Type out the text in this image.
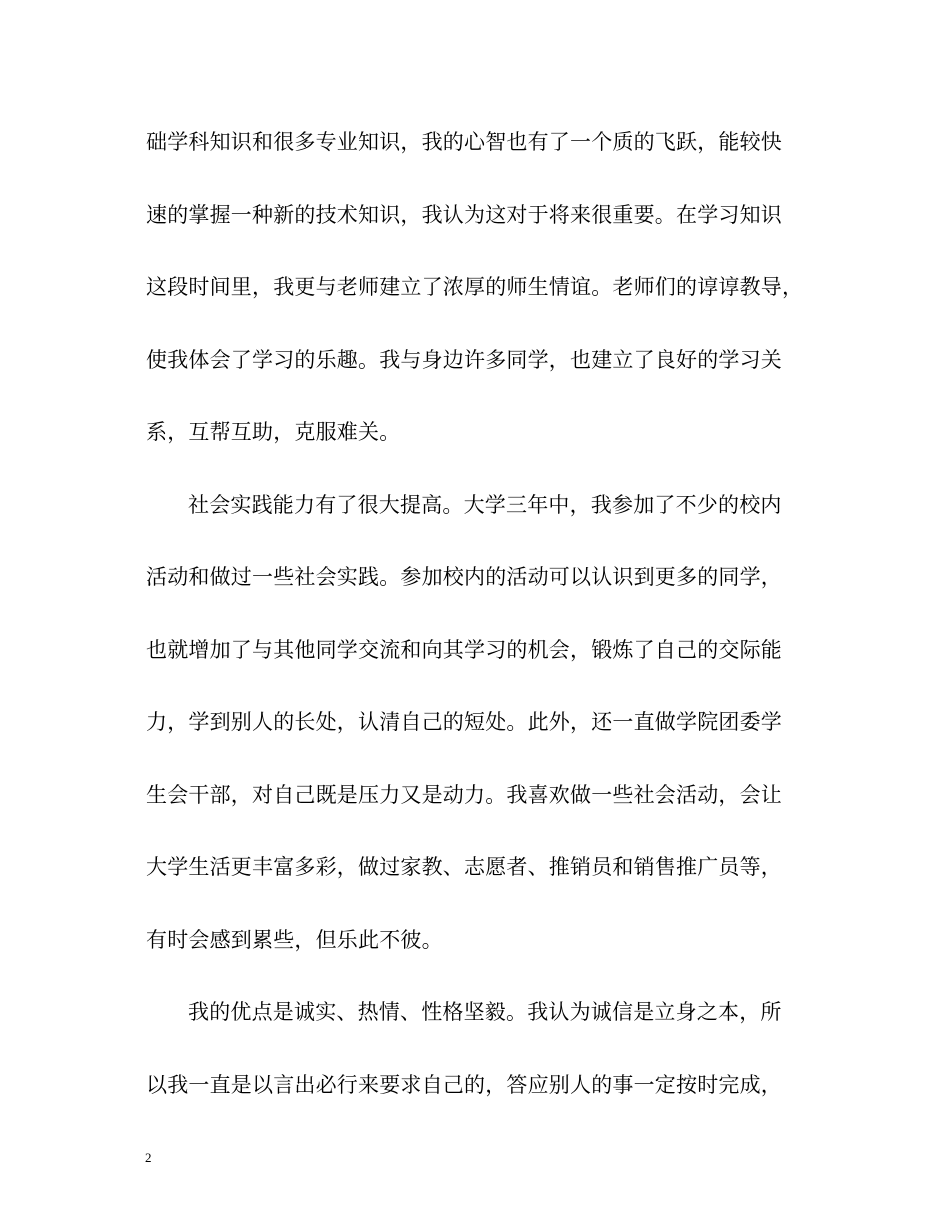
础学科知识和很多专业知识，我的心智也有了一个质的飞跃，能较快
速的掌握一种新的技术知识，我认为这对于将来很重要。在学习知识
这段时间里，我更与老师建立了浓厚的师生情谊。老师们的谆谆教导，
使我体会了学习的乐趣。我与身边许多同学，也建立了良好的学习关
系，互帮互助，克服难关。
社会实践能力有了很大提高。大学三年中，我参加了不少的校内
活动和做过一些社会实践。参加校内的活动可以认识到更多的同学，
也就增加了与其他同学交流和向其学习的机会，锻炼了自己的交际能
力，学到别人的长处，认清自己的短处。此外，还一直做学院团委学
生会干部，对自己既是压力又是动力。我喜欢做一些社会活动，会让
大学生活更丰富多彩，做过家教、志愿者、推销员和销售推广员等，
有时会感到累些，但乐此不彼。
我的优点是诚实、热情、性格坚毅。我认为诚信是立身之本，所
以我一直是以言出必行来要求自己的，答应别人的事一定按时完成，
2
